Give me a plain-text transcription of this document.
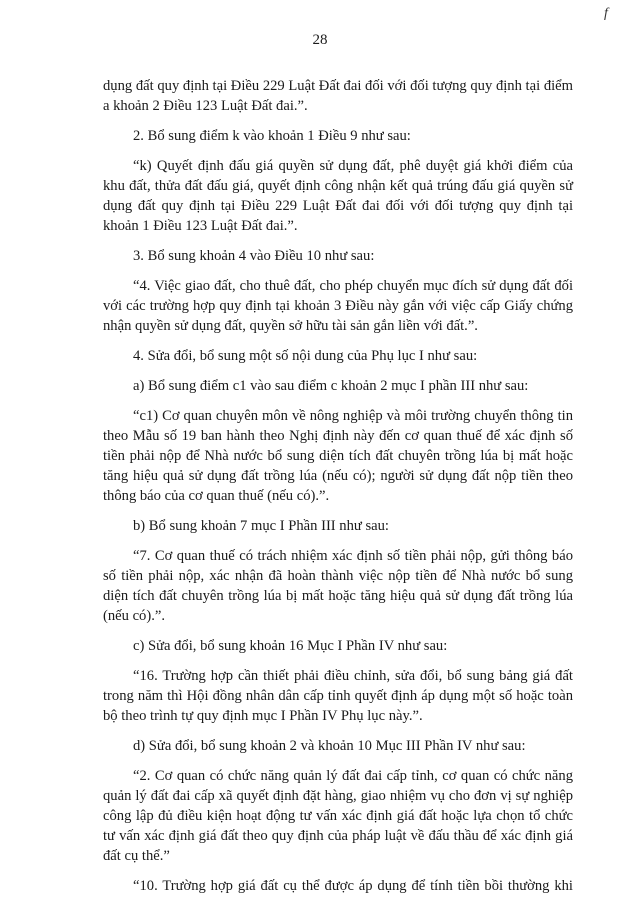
f
28

dụng đất quy định tại Điều 229 Luật Đất đai đối với đối tượng quy định tại điểm a khoản 2 Điều 123 Luật Đất đai.”.

2. Bổ sung điểm k vào khoản 1 Điều 9 như sau:

“k) Quyết định đấu giá quyền sử dụng đất, phê duyệt giá khởi điểm của khu đất, thửa đất đấu giá, quyết định công nhận kết quả trúng đấu giá quyền sử dụng đất quy định tại Điều 229 Luật Đất đai đối với đối tượng quy định tại khoản 1 Điều 123 Luật Đất đai.”.

3. Bổ sung khoản 4 vào Điều 10 như sau:

“4. Việc giao đất, cho thuê đất, cho phép chuyển mục đích sử dụng đất đối với các trường hợp quy định tại khoản 3 Điều này gắn với việc cấp Giấy chứng nhận quyền sử dụng đất, quyền sở hữu tài sản gắn liền với đất.”.

4. Sửa đổi, bổ sung một số nội dung của Phụ lục I như sau:

a) Bổ sung điểm c1 vào sau điểm c khoản 2 mục I phần III như sau:

“c1) Cơ quan chuyên môn về nông nghiệp và môi trường chuyển thông tin theo Mẫu số 19 ban hành theo Nghị định này đến cơ quan thuế để xác định số tiền phải nộp để Nhà nước bổ sung diện tích đất chuyên trồng lúa bị mất hoặc tăng hiệu quả sử dụng đất trồng lúa (nếu có); người sử dụng đất nộp tiền theo thông báo của cơ quan thuế (nếu có).”.

b) Bổ sung khoản 7 mục I Phần III như sau:

“7. Cơ quan thuế có trách nhiệm xác định số tiền phải nộp, gửi thông báo số tiền phải nộp, xác nhận đã hoàn thành việc nộp tiền để Nhà nước bổ sung diện tích đất chuyên trồng lúa bị mất hoặc tăng hiệu quả sử dụng đất trồng lúa (nếu có).”.

c) Sửa đổi, bổ sung khoản 16 Mục I Phần IV như sau:

“16. Trường hợp cần thiết phải điều chỉnh, sửa đổi, bổ sung bảng giá đất trong năm thì Hội đồng nhân dân cấp tỉnh quyết định áp dụng một số hoặc toàn bộ theo trình tự quy định mục I Phần IV Phụ lục này.”.

d) Sửa đổi, bổ sung khoản 2 và khoản 10 Mục III Phần IV như sau:

“2. Cơ quan có chức năng quản lý đất đai cấp tỉnh, cơ quan có chức năng quản lý đất đai cấp xã quyết định đặt hàng, giao nhiệm vụ cho đơn vị sự nghiệp công lập đủ điều kiện hoạt động tư vấn xác định giá đất hoặc lựa chọn tổ chức tư vấn xác định giá đất theo quy định của pháp luật về đấu thầu để xác định giá đất cụ thể.”

“10. Trường hợp giá đất cụ thể được áp dụng để tính tiền bồi thường khi
